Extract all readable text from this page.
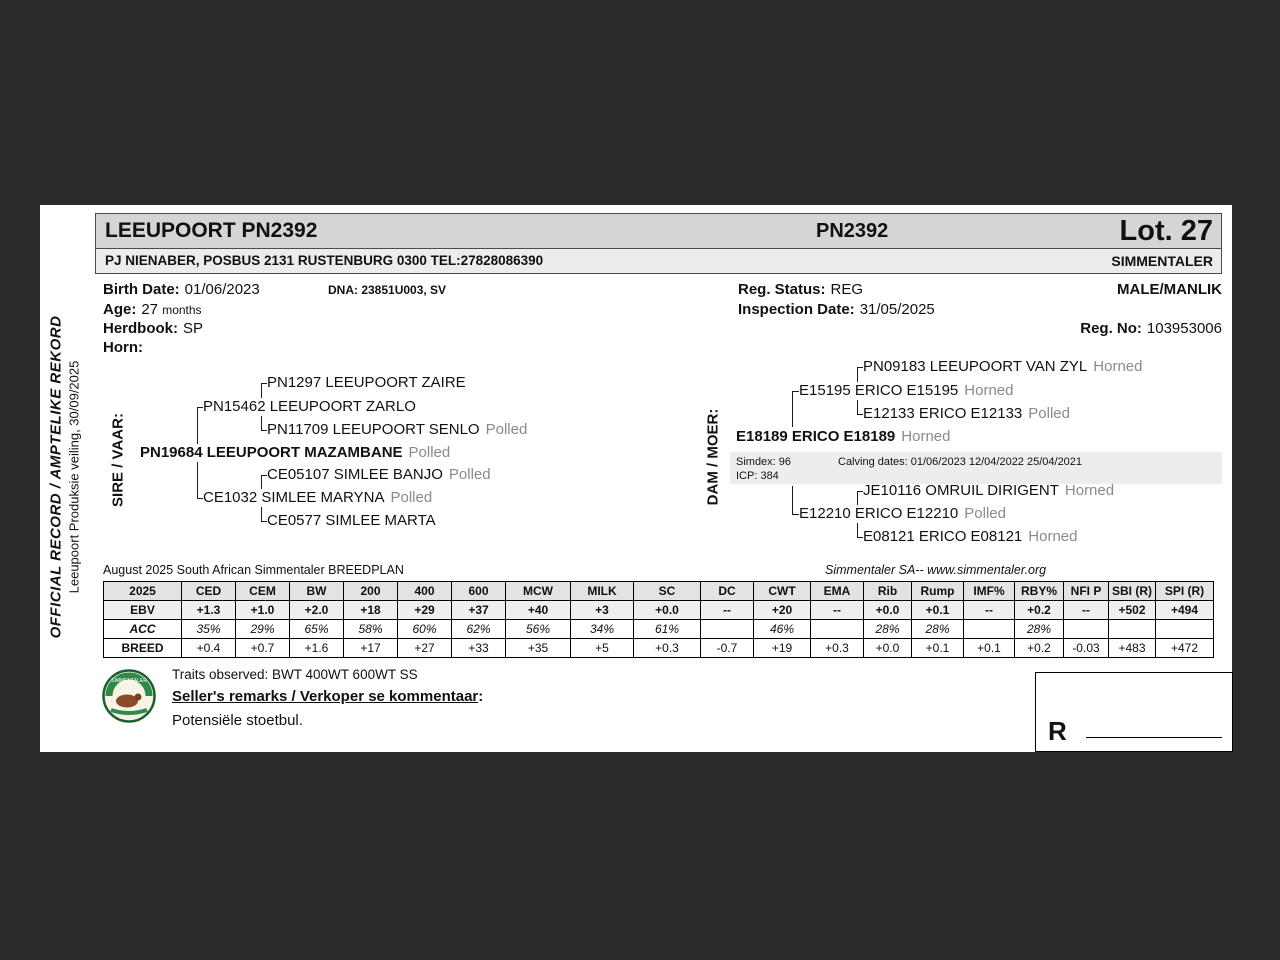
OFFICIAL RECORD / AMPTELIKE REKORD Leeupoort Produksie veiling, 30/09/2025
LEEUPOORT PN2392	PN2392	Lot. 27
PJ NIENABER, POSBUS 2131 RUSTENBURG 0300 TEL:27828086390	SIMMENTALER
Birth Date: 01/06/2023	DNA: 23851U003, SV
Age: 27 months
Herdbook: SP
Horn:
Reg. Status: REG	MALE/MANLIK
Inspection Date: 31/05/2025
Reg. No: 103953006
SIRE / VAAR:
PN1297 LEEUPOORT ZAIRE
PN15462 LEEUPOORT ZARLO
PN11709 LEEUPOORT SENLO Polled
PN19684 LEEUPOORT MAZAMBANE Polled
CE05107 SIMLEE BANJO Polled
CE1032 SIMLEE MARYNA Polled
CE0577 SIMLEE MARTA
DAM / MOER:
PN09183 LEEUPOORT VAN ZYL Horned
E15195 ERICO E15195 Horned
E12133 ERICO E12133 Polled
E18189 ERICO E18189 Horned
Simdex: 96	Calving dates: 01/06/2023 12/04/2022 25/04/2021
ICP: 384
JE10116 OMRUIL DIRIGENT Horned
E12210 ERICO E12210 Polled
E08121 ERICO E08121 Horned
August 2025 South African Simmentaler BREEDPLAN	Simmentaler SA-- www.simmentaler.org
2025	CED	CEM	BW	200	400	600	MCW	MILK	SC	DC	CWT	EMA	Rib	Rump	IMF%	RBY%	NFI P	SBI (R)	SPI (R)
EBV	+1.3	+1.0	+2.0	+18	+29	+37	+40	+3	+0.0	--	+20	--	+0.0	+0.1	--	+0.2	--	+502	+494
ACC	35%	29%	65%	58%	60%	62%	56%	34%	61%		46%		28%	28%		28%			
BREED	+0.4	+0.7	+1.6	+17	+27	+33	+35	+5	+0.3	-0.7	+19	+0.3	+0.0	+0.1	+0.1	+0.2	-0.03	+483	+472
SIMMENTALER Traits observed: BWT 400WT 600WT SS
Seller's remarks / Verkoper se kommentaar:
Potensiële stoetbul.	R
